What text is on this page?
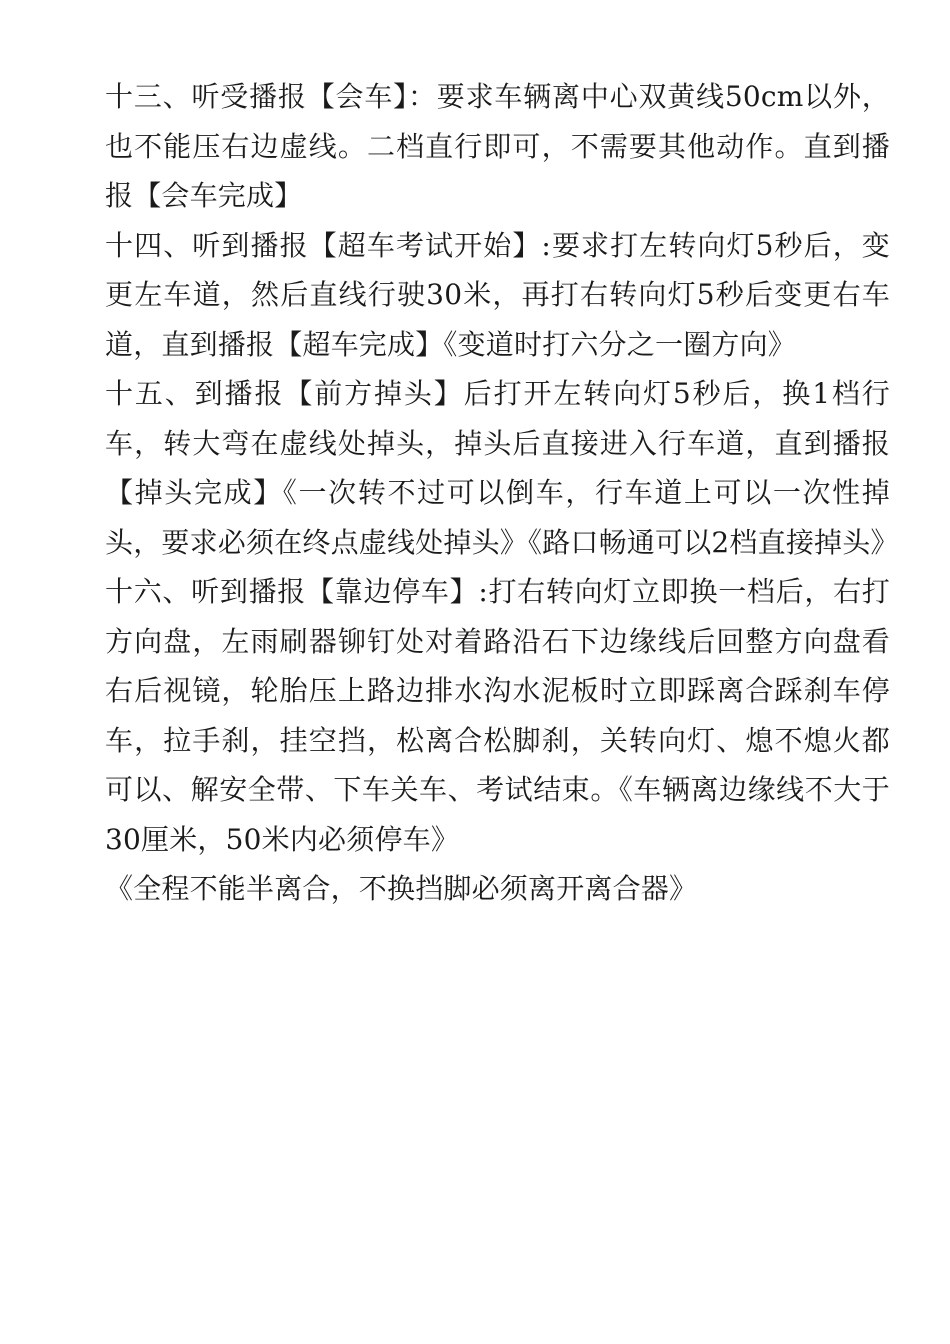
十三、听受播报【会车】：要求车辆离中心双黄线50cm以外，也不能压右边虚线。二档直行即可，不需要其他动作。直到播报【会车完成】

十四、听到播报【超车考试开始】:要求打左转向灯5秒后，变更左车道，然后直线行驶30米，再打右转向灯5秒后变更右车道，直到播报【超车完成】《变道时打六分之一圈方向》

十五、到播报【前方掉头】后打开左转向灯5秒后，换1档行车，转大弯在虚线处掉头，掉头后直接进入行车道，直到播报【掉头完成】《一次转不过可以倒车，行车道上可以一次性掉头，要求必须在终点虚线处掉头》《路口畅通可以2档直接掉头》

十六、听到播报【靠边停车】:打右转向灯立即换一档后，右打方向盘，左雨刷器铆钉处对着路沿石下边缘线后回整方向盘看右后视镜，轮胎压上路边排水沟水泥板时立即踩离合踩刹车停车，拉手刹，挂空挡，松离合松脚刹，关转向灯、熄不熄火都可以、解安全带、下车关车、考试结束。《车辆离边缘线不大于30厘米，50米内必须停车》

《全程不能半离合，不换挡脚必须离开离合器》
